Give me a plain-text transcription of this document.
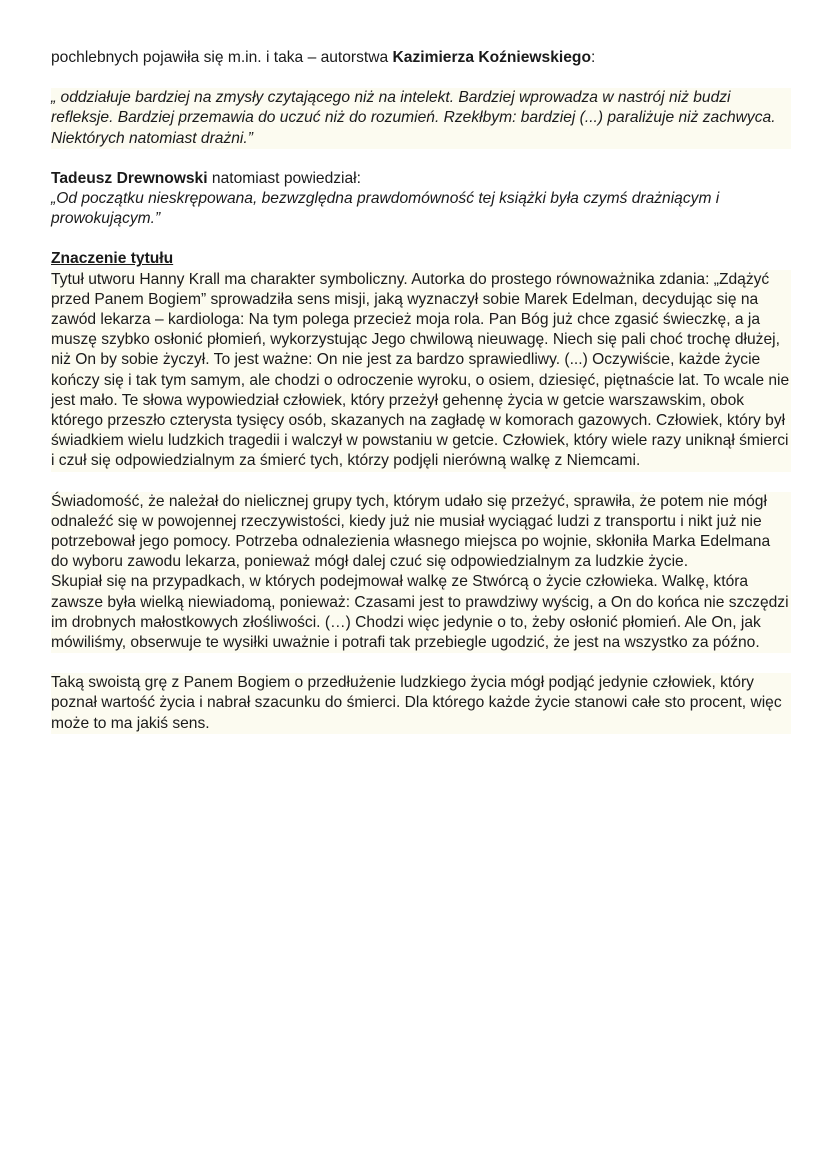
pochlebnych pojawiła się m.in. i taka – autorstwa Kazimierza Koźniewskiego:

„ oddziałuje bardziej na zmysły czytającego niż na intelekt. Bardziej wprowadza w nastrój niż budzi refleksje. Bardziej przemawia do uczuć niż do rozumień. Rzekłbym: bardziej (...) paraliżuje niż zachwyca. Niektórych natomiast drażni.”

Tadeusz Drewnowski natomiast powiedział:

„Od początku nieskrępowana, bezwzględna prawdomówność tej książki była czymś drażniącym i prowokującym.”

Znaczenie tytułu

Tytuł utworu Hanny Krall ma charakter symboliczny. Autorka do prostego równoważnika zdania: „Zdążyć przed Panem Bogiem” sprowadziła sens misji, jaką wyznaczył sobie Marek Edelman, decydując się na zawód lekarza – kardiologa: Na tym polega przecież moja rola. Pan Bóg już chce zgasić świeczkę, a ja muszę szybko osłonić płomień, wykorzystując Jego chwilową nieuwagę. Niech się pali choć trochę dłużej, niż On by sobie życzył. To jest ważne: On nie jest za bardzo sprawiedliwy. (...) Oczywiście, każde życie kończy się i tak tym samym, ale chodzi o odroczenie wyroku, o osiem, dziesięć, piętnaście lat. To wcale nie jest mało. Te słowa wypowiedział człowiek, który przeżył gehennę życia w getcie warszawskim, obok którego przeszło czterysta tysięcy osób, skazanych na zagładę w komorach gazowych. Człowiek, który był świadkiem wielu ludzkich tragedii i walczył w powstaniu w getcie. Człowiek, który wiele razy uniknął śmierci i czuł się odpowiedzialnym za śmierć tych, którzy podjęli nierówną walkę z Niemcami.

Świadomość, że należał do nielicznej grupy tych, którym udało się przeżyć, sprawiła, że potem nie mógł odnaleźć się w powojennej rzeczywistości, kiedy już nie musiał wyciągać ludzi z transportu i nikt już nie potrzebował jego pomocy. Potrzeba odnalezienia własnego miejsca po wojnie, skłoniła Marka Edelmana do wyboru zawodu lekarza, ponieważ mógł dalej czuć się odpowiedzialnym za ludzkie życie.

Skupiał się na przypadkach, w których podejmował walkę ze Stwórcą o życie człowieka. Walkę, która zawsze była wielką niewiadomą, ponieważ: Czasami jest to prawdziwy wyścig, a On do końca nie szczędzi im drobnych małostkowych złośliwości. (…) Chodzi więc jedynie o to, żeby osłonić płomień. Ale On, jak mówiliśmy, obserwuje te wysiłki uważnie i potrafi tak przebiegle ugodzić, że jest na wszystko za późno.

Taką swoistą grę z Panem Bogiem o przedłużenie ludzkiego życia mógł podjąć jedynie człowiek, który poznał wartość życia i nabrał szacunku do śmierci. Dla którego każde życie stanowi całe sto procent, więc może to ma jakiś sens.
